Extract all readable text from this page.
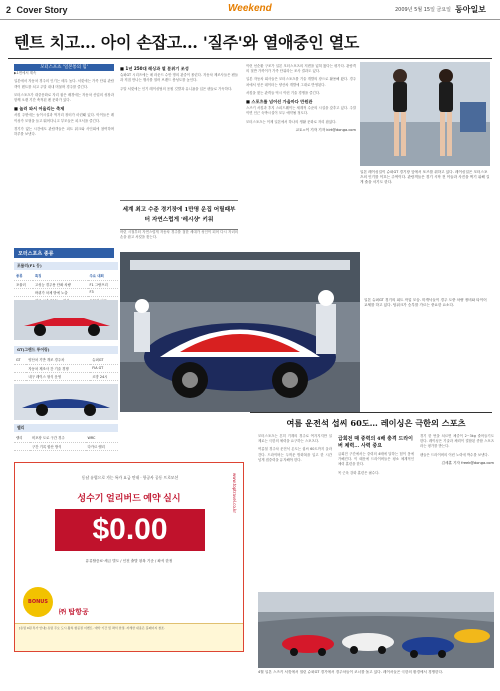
2 Cover Story	Weekend	2009년 5월 15일 금요일 동아일보
텐트 치고… 아이 손잡고… '질주'와 열애중인 열도
모터스포츠 '일본통의 힘'

▶1면에서 계속

일본에서 자동차 경주의 인기는 매우 높다. 서킷에는 가족 단위 관람객이 텐트를 치고 주말 내내 머물며 경주를 즐긴다.

모터스포츠가 대중문화로 자리 잡은 배경에는 자동차 산업의 성장과 함께 오랜 기간 축적된 팬 문화가 있다.

■ 놀러 와서 어울리는 축제

서킷 주변에는 놀이시설과 먹거리 장터가 마련돼 있다. 아이들은 레이싱카 모형을 들고 뛰어다니고 부모들은 피크닉을 즐긴다.

경기가 없는 시간에도 관람객들은 피트 워크와 사인회에 참여하며 하루를 보낸다.

■ 1년 250대 레싱과 열 분위기 조성

슈퍼GT 시리즈에는 매 라운드 수만 명의 관중이 몰린다. 자동차 제조사들은 팬들과 직접 만나는 행사를 열어 브랜드 충성도를 높인다.

주말 서킷에는 인기 레이싱팀의 응원 깃발과 유니폼을 입은 팬들로 가득하다.

세계 최고 수준 경기장에 1만명 운집 어릴때부터 자연스럽게 '레시샹' 키워

어린 시절부터 자연스럽게 자동차 경주를 접한 세대가 성인이 되어 다시 자녀의 손을 잡고 서킷을 찾는다.

이런 선순환 구조가 일본 모터스포츠의 저변을 넓혀 왔다는 평가다. 관람객의 절반 가까이가 가족 단위라는 조사 결과도 있다.

일본 자동차 회사들은 모터스포츠를 기술 개발의 장으로 활용해 왔다. 경주차에서 얻은 데이터는 양산차 개발에 그대로 반영된다.

서킷을 찾는 관객들 역시 이런 기술 경쟁을 즐긴다.

■ 스포츠를 넘어선 가을마다 만원관

스즈키 서킷과 후지 스피드웨이는 세계적 수준의 시설을 갖추고 있다. 주말이면 인근 숙박시설이 모두 예약될 정도다.

모터스포츠는 이제 일본에서 하나의 생활 문화로 자리 잡았다.

교토=이 기자 기자 kirt@donga.com
일본 레이싱걸이 슈퍼GT 경기장 앞에서 포즈를 취하고 있다. 레이싱걸은 모터스포츠의 인기를 이끄는 주역이다. 관람객들은 경기 시작 전 이들과 사진을 찍기 위해 길게 줄을 서기도 한다.
일본 슈퍼GT 경기의 피트 작업 모습. 미캐닉들이 경주 도중 차량 정비와 타이어 교체를 하고 있다. 팀워크가 승부를 가르는 중요한 요소다.
모터스포츠 종류
포뮬러(F1 등)
종류	특징	주요 대회
포뮬러	고성능 경주용 단좌 차량	F1 그랑프리
	바퀴가 차체 밖에 노출	F3

GT(그랜드 투어링)
GT	양산차 기반 개조 경주차	슈퍼GT
	자동차 제조사 간 기술 경쟁	FIA GT
	내구 레이스 형식 운영	르망 24시
랠리
랠리	비포장 도로 구간 경주	WRC
	구간 기록 합산 방식	다카르 랠리
동남 유럽으로 가는 특가 요금 안내 · 항공사 공동 프로모션
성수기 얼리버드 예약 실시
$0.00
유류할증료·세금 별도 / 인천 출발 왕복 기준 / 좌석 한정
BONUS
㈜ 탑항공
www.toptravel.co.kr
[유럽 0원 특가 안내] 유럽 주요 도시 왕복 항공권 이벤트. 예약 기간 및 좌석 한정. 자세한 내용은 홈페이지 참조.
여름 운전석 섭씨 60도… 레이싱은 극한의 스포츠

모터스포츠는 흔히 기계의 경주로 여겨지지만 실제로는 극한의 체력을 요구하는 스포츠다.

여름철 경주차 운전석 온도는 섭씨 60도까지 올라간다. 드라이버는 두꺼운 방화복을 입고 한 시간 넘게 집중력을 유지해야 한다.

급회전 때 중력의 4배 충격 드라이버 체력… 사력 중요

급회전 구간에서는 중력의 4배에 달하는 힘이 몸에 가해진다. 이 때문에 드라이버들은 평소 체계적인 체력 훈련을 한다.

목 근육 강화 훈련은 필수다.

경기 한 번을 치르면 체중이 2~3kg 줄어들기도 한다. 레이싱은 기술과 체력이 결합된 종합 스포츠라는 평가를 받는다.

팬들은 드라이버의 이런 노력에 박수를 보낸다.

김세훈 기자 freek@donga.com
4월 일본 스즈키 서킷에서 열린 슈퍼GT 경기에서 경주차들이 코너를 돌고 있다. 레이서들은 극한의 환경에서 경쟁한다.
